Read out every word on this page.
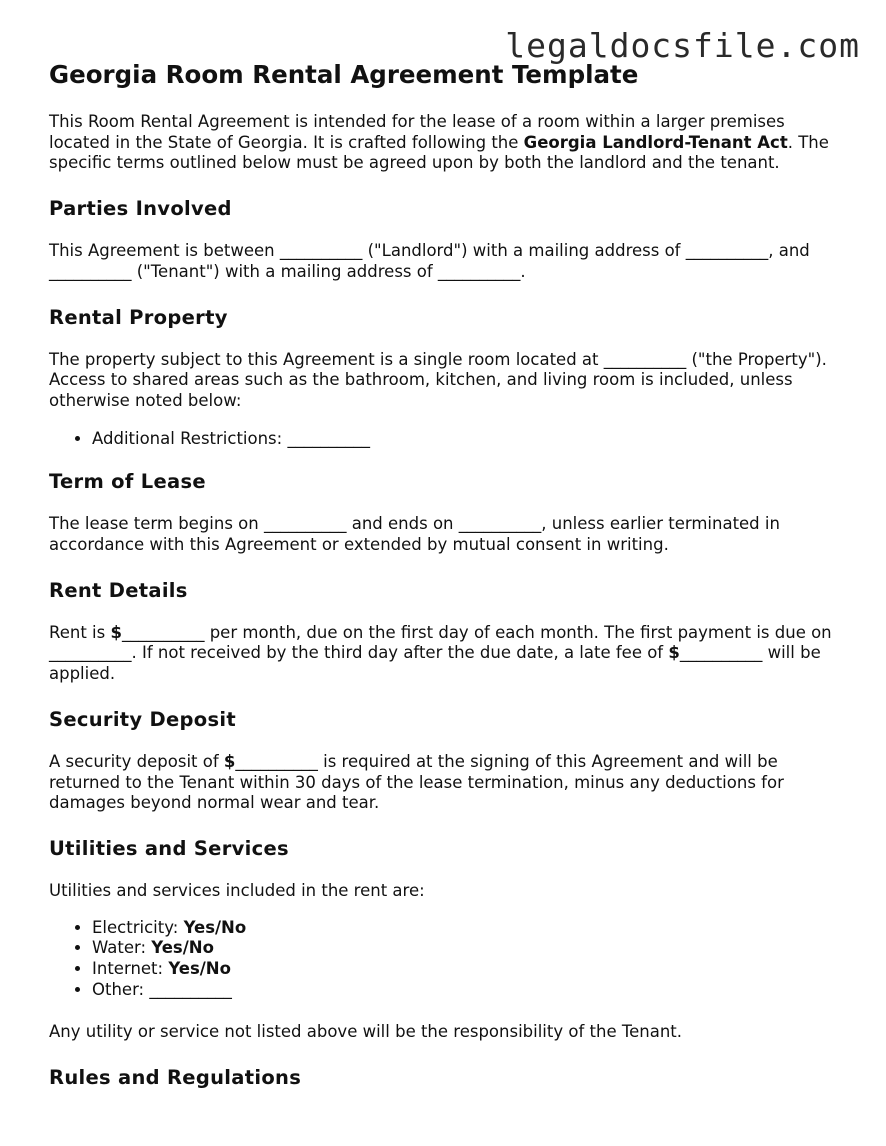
legaldocsfile.com
Georgia Room Rental Agreement Template

This Room Rental Agreement is intended for the lease of a room within a larger premises located in the State of Georgia. It is crafted following the Georgia Landlord-Tenant Act. The specific terms outlined below must be agreed upon by both the landlord and the tenant.

Parties Involved

This Agreement is between __________ ("Landlord") with a mailing address of __________, and __________ ("Tenant") with a mailing address of __________.

Rental Property

The property subject to this Agreement is a single room located at __________ ("the Property"). Access to shared areas such as the bathroom, kitchen, and living room is included, unless otherwise noted below:

• Additional Restrictions: __________
Term of Lease

The lease term begins on __________ and ends on __________, unless earlier terminated in accordance with this Agreement or extended by mutual consent in writing.

Rent Details

Rent is $__________ per month, due on the first day of each month. The first payment is due on __________. If not received by the third day after the due date, a late fee of $__________ will be applied.

Security Deposit

A security deposit of $__________ is required at the signing of this Agreement and will be returned to the Tenant within 30 days of the lease termination, minus any deductions for damages beyond normal wear and tear.

Utilities and Services

Utilities and services included in the rent are:

• Electricity: Yes/No
• Water: Yes/No
• Internet: Yes/No
• Other: __________

Any utility or service not listed above will be the responsibility of the Tenant.

Rules and Regulations
